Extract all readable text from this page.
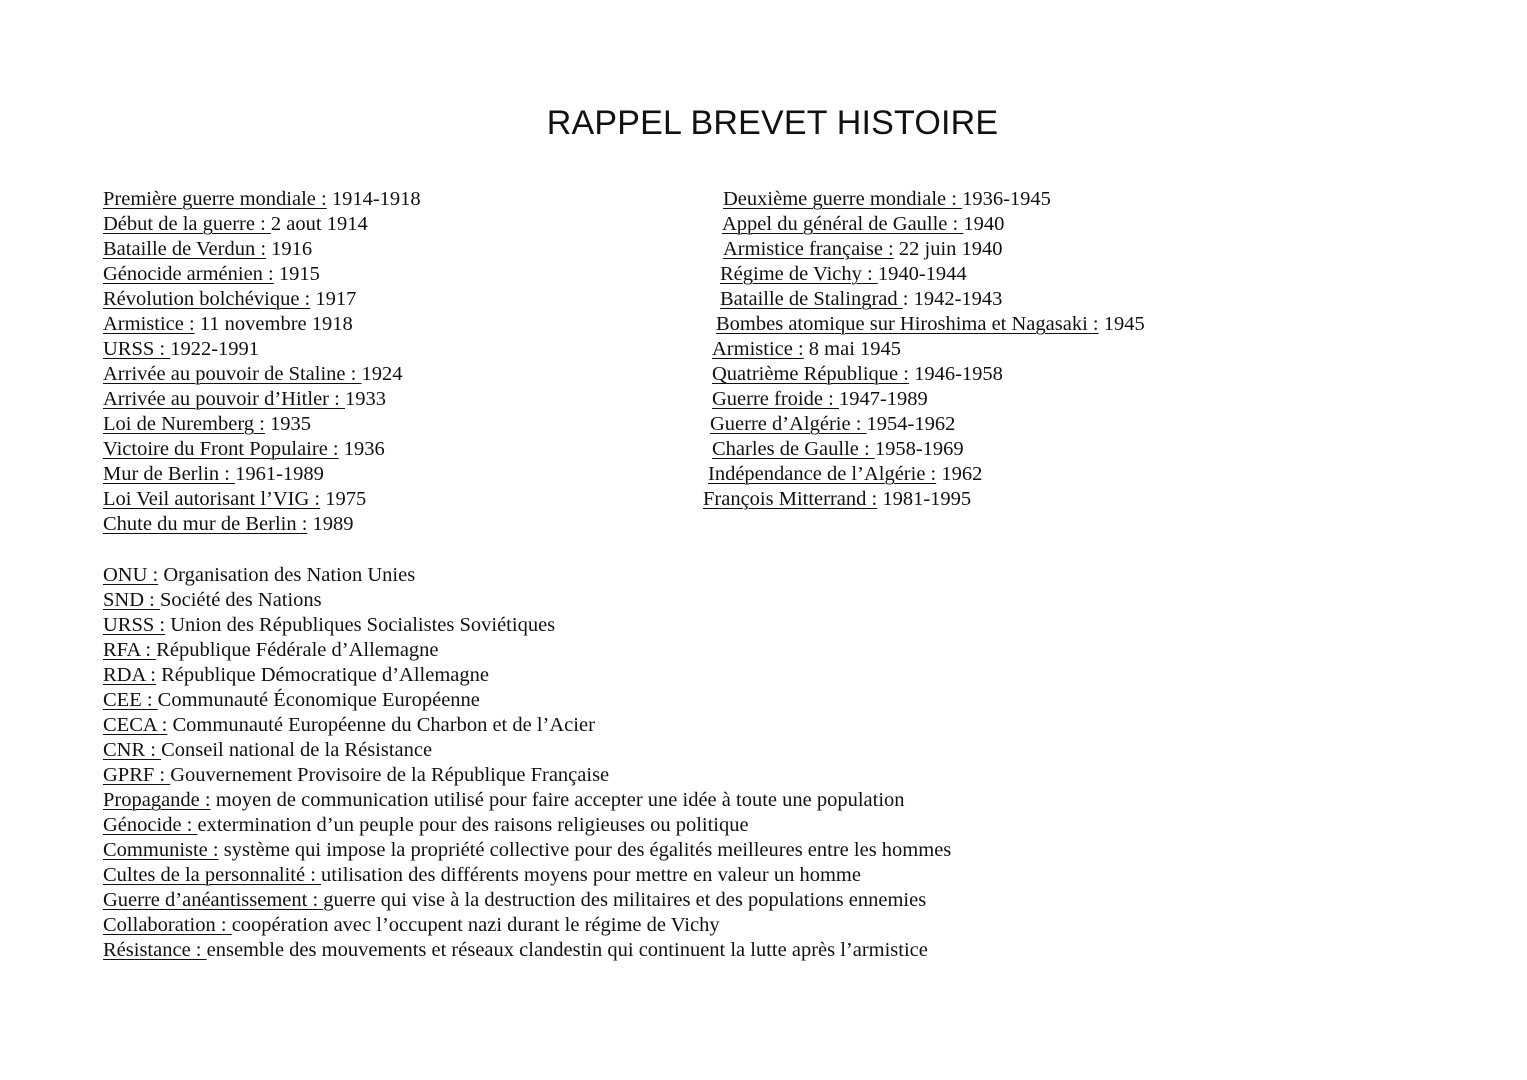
RAPPEL BREVET HISTOIRE
Première guerre mondiale : 1914-1918
Début de la guerre : 2 aout 1914
Bataille de Verdun : 1916
Génocide arménien : 1915
Révolution bolchévique : 1917
Armistice : 11 novembre 1918
URSS : 1922-1991
Arrivée au pouvoir de Staline : 1924
Arrivée au pouvoir d’Hitler : 1933
Loi de Nuremberg : 1935
Victoire du Front Populaire : 1936
Mur de Berlin : 1961-1989
Loi Veil autorisant l’VIG : 1975
Chute du mur de Berlin : 1989
Deuxième guerre mondiale : 1936-1945
Appel du général de Gaulle : 1940
Armistice française : 22 juin 1940
Régime de Vichy : 1940-1944
Bataille de Stalingrad : 1942-1943
Bombes atomique sur Hiroshima et Nagasaki : 1945
Armistice : 8 mai 1945
Quatrième République : 1946-1958
Guerre froide : 1947-1989
Guerre d’Algérie : 1954-1962
Charles de Gaulle : 1958-1969
Indépendance de l’Algérie : 1962
François Mitterrand : 1981-1995
ONU : Organisation des Nation Unies
SND : Société des Nations
URSS : Union des Républiques Socialistes Soviétiques
RFA : République Fédérale d’Allemagne
RDA : République Démocratique d’Allemagne
CEE : Communauté Économique Européenne
CECA : Communauté Européenne du Charbon et de l’Acier
CNR : Conseil national de la Résistance
GPRF : Gouvernement Provisoire de la République Française
Propagande : moyen de communication utilisé pour faire accepter une idée à toute une population
Génocide : extermination d’un peuple pour des raisons religieuses ou politique
Communiste : système qui impose la propriété collective pour des égalités meilleures entre les hommes
Cultes de la personnalité : utilisation des différents moyens pour mettre en valeur un homme
Guerre d’anéantissement : guerre qui vise à la destruction des militaires et des populations ennemies
Collaboration : coopération avec l’occupent nazi durant le régime de Vichy
Résistance : ensemble des mouvements et réseaux clandestin qui continuent la lutte après l’armistice
